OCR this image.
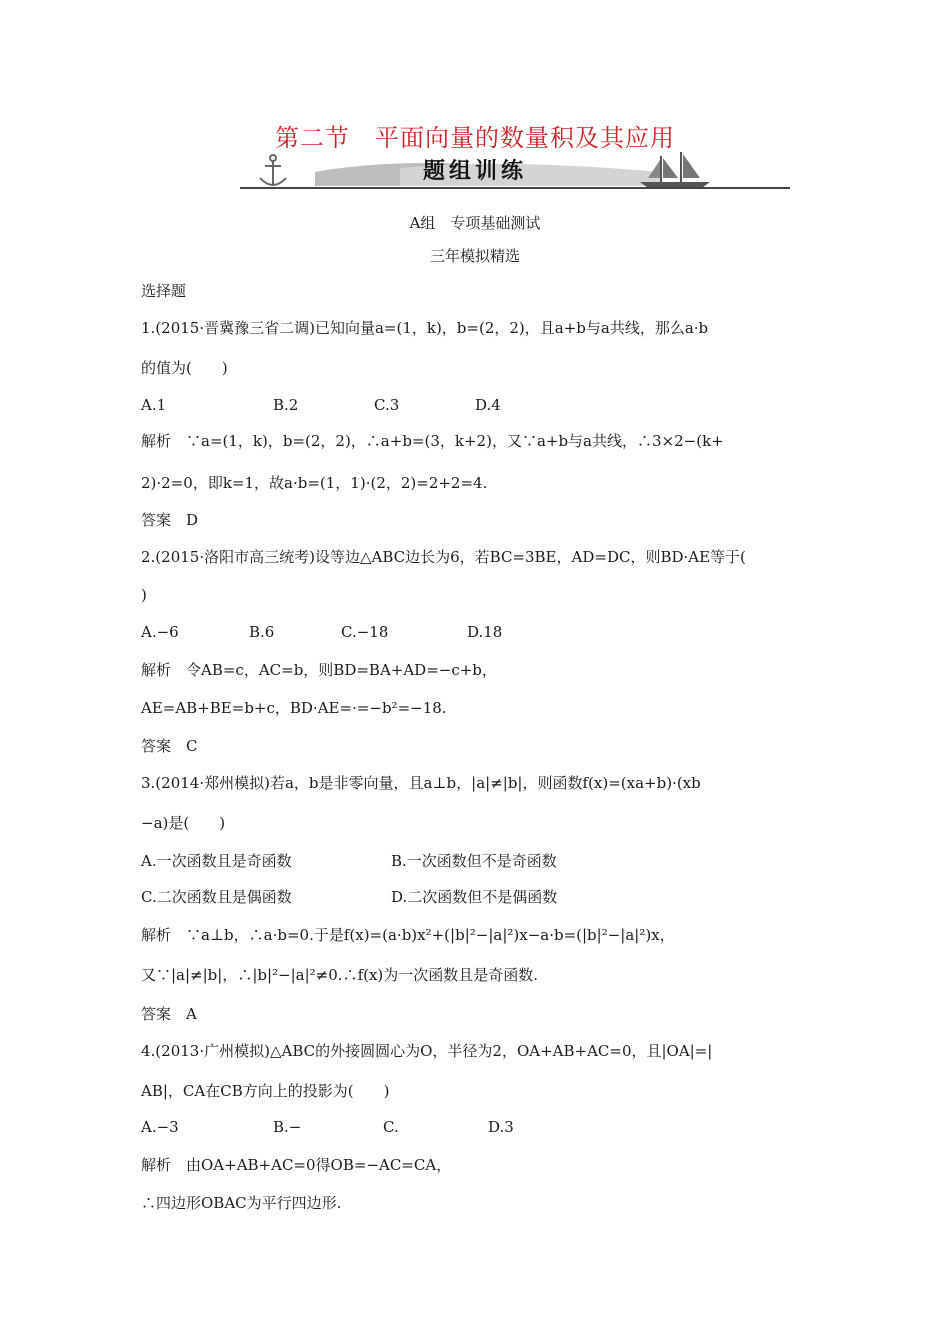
第二节　平面向量的数量积及其应用
题组训练
A组　专项基础测试
三年模拟精选
选择题
1.(2015·晋冀豫三省二调)已知向量a=(1，k)，b=(2，2)，且a+b与a共线，那么a·b
的值为(　　)
A.1	B.2	C.3	D.4
解析　∵a=(1，k)，b=(2，2)，∴a+b=(3，k+2)，又∵a+b与a共线，∴3×2−(k+
2)·2=0，即k=1，故a·b=(1，1)·(2，2)=2+2=4.
答案　D
2.(2015·洛阳市高三统考)设等边△ABC边长为6，若BC=3BE，AD=DC，则BD·AE等于(
)
A.−6	B.6	C.−18	D.18
解析　令AB=c，AC=b，则BD=BA+AD=−c+b，
AE=AB+BE=b+c，BD·AE=·=−b²=−18.
答案　C
3.(2014·郑州模拟)若a，b是非零向量，且a⊥b，|a|≠|b|，则函数f(x)=(xa+b)·(xb
−a)是(　　)
A.一次函数且是奇函数	B.一次函数但不是奇函数
C.二次函数且是偶函数	D.二次函数但不是偶函数
解析　∵a⊥b，∴a·b=0.于是f(x)=(a·b)x²+(|b|²−|a|²)x−a·b=(|b|²−|a|²)x，
又∵|a|≠|b|，∴|b|²−|a|²≠0.∴f(x)为一次函数且是奇函数.
答案　A
4.(2013·广州模拟)△ABC的外接圆圆心为O，半径为2，OA+AB+AC=0，且|OA|=|
AB|，CA在CB方向上的投影为(　　)
A.−3	B.−	C.	D.3
解析　由OA+AB+AC=0得OB=−AC=CA，
∴四边形OBAC为平行四边形.
